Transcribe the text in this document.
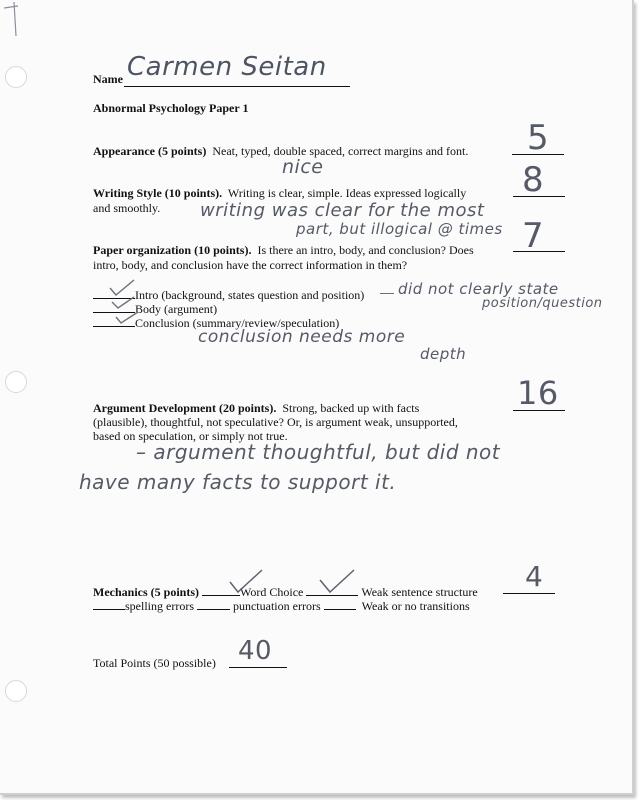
Name Carmen Seitan
Abnormal Psychology Paper 1
Appearance (5 points) Neat, typed, double spaced, correct margins and font. 5
nice
Writing Style (10 points). Writing is clear, simple. Ideas expressed logically
and smoothly.
8
writing was clear for the most
part, but illogical @ times
Paper organization (10 points). Is there an intro, body, and conclusion? Does
intro, body, and conclusion have the correct information in them?
7
Intro (background, states question and position)
Body (argument)
Conclusion (summary/review/speculation)
did not clearly state
position/question
conclusion needs more
depth
Argument Development (20 points). Strong, backed up with facts
(plausible), thoughtful, not speculative? Or, is argument weak, unsupported,
based on speculation, or simply not true.
16
– argument thoughtful, but did not
have many facts to support it.
Mechanics (5 points)	Word Choice	Weak sentence structure
spelling errors	punctuation errors	Weak or no transitions
4
Total Points (50 possible) 40
